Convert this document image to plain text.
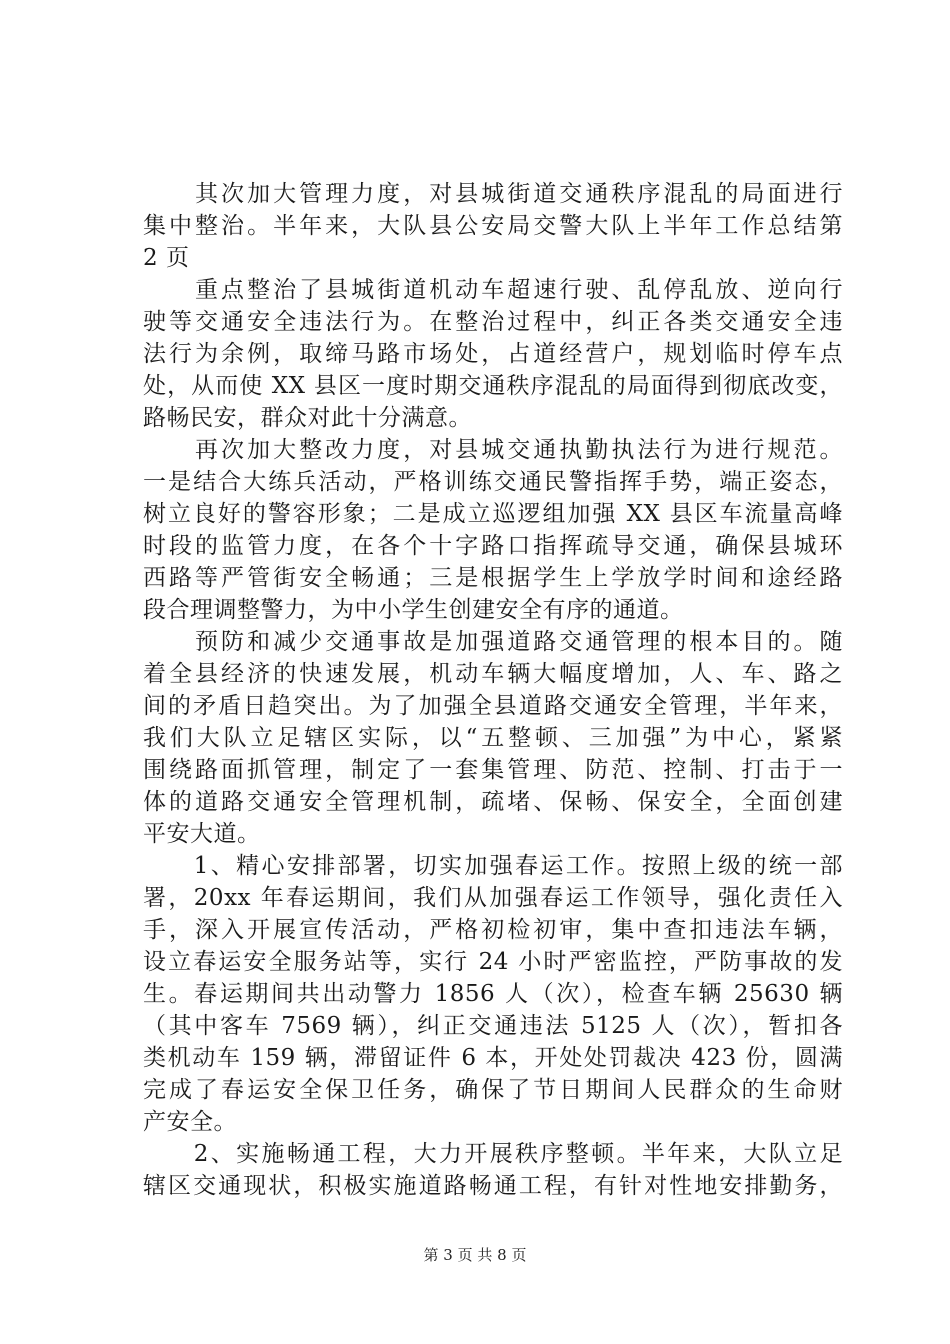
　　其次加大管理力度，对县城街道交通秩序混乱的局面进行
集中整治。半年来，大队县公安局交警大队上半年工作总结第
2 页
　　重点整治了县城街道机动车超速行驶、乱停乱放、逆向行
驶等交通安全违法行为。在整治过程中，纠正各类交通安全违
法行为余例，取缔马路市场处，占道经营户，规划临时停车点
处，从而使 XX 县区一度时期交通秩序混乱的局面得到彻底改变，
路畅民安，群众对此十分满意。
　　再次加大整改力度，对县城交通执勤执法行为进行规范。
一是结合大练兵活动，严格训练交通民警指挥手势，端正姿态，
树立良好的警容形象；二是成立巡逻组加强 XX 县区车流量高峰
时段的监管力度，在各个十字路口指挥疏导交通，确保县城环
西路等严管街安全畅通；三是根据学生上学放学时间和途经路
段合理调整警力，为中小学生创建安全有序的通道。
　　预防和减少交通事故是加强道路交通管理的根本目的。随
着全县经济的快速发展，机动车辆大幅度增加，人、车、路之
间的矛盾日趋突出。为了加强全县道路交通安全管理，半年来，
我们大队立足辖区实际，以“五整顿、三加强”为中心，紧紧
围绕路面抓管理，制定了一套集管理、防范、控制、打击于一
体的道路交通安全管理机制，疏堵、保畅、保安全，全面创建
平安大道。
　　1、精心安排部署，切实加强春运工作。按照上级的统一部
署，20xx 年春运期间，我们从加强春运工作领导，强化责任入
手，深入开展宣传活动，严格初检初审，集中查扣违法车辆，
设立春运安全服务站等，实行 24 小时严密监控，严防事故的发
生。春运期间共出动警力 1856 人（次），检查车辆 25630 辆
（其中客车 7569 辆），纠正交通违法 5125 人（次），暂扣各
类机动车 159 辆，滞留证件 6 本，开处处罚裁决 423 份，圆满
完成了春运安全保卫任务，确保了节日期间人民群众的生命财
产安全。
　　2、实施畅通工程，大力开展秩序整顿。半年来，大队立足
辖区交通现状，积极实施道路畅通工程，有针对性地安排勤务，
第 3 页 共 8 页
